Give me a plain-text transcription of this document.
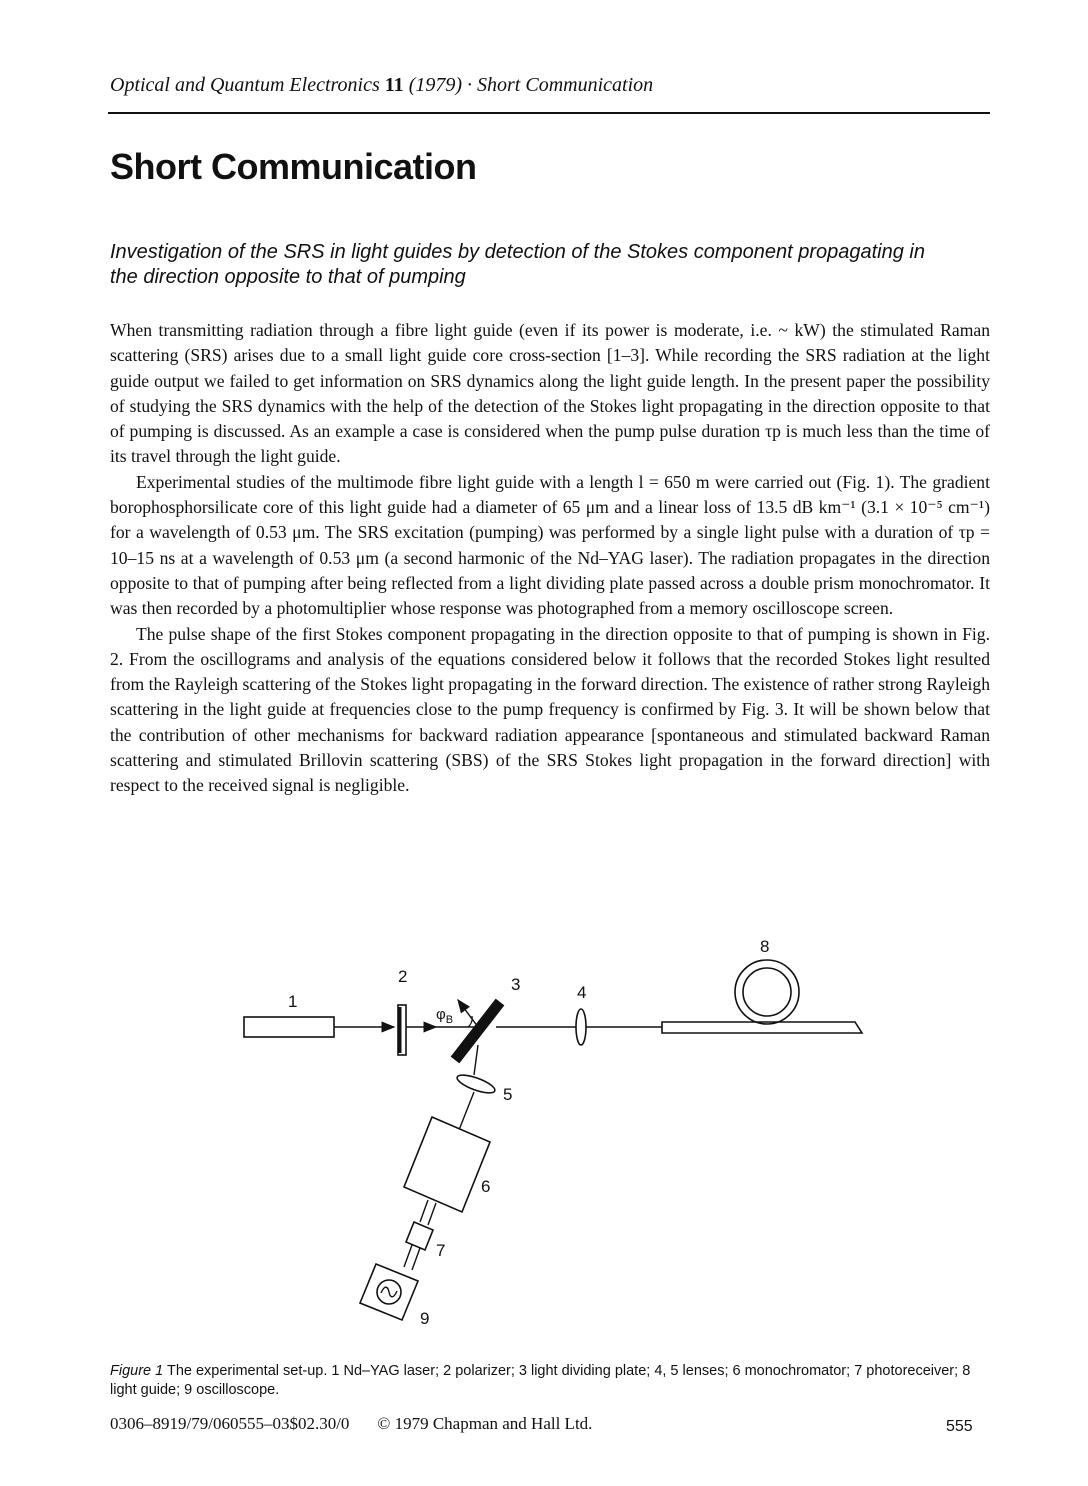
Optical and Quantum Electronics 11 (1979) · Short Communication
Short Communication
Investigation of the SRS in light guides by detection of the Stokes component propagating in the direction opposite to that of pumping

When transmitting radiation through a fibre light guide (even if its power is moderate, i.e. ~ kW) the stimulated Raman scattering (SRS) arises due to a small light guide core cross-section [1–3]. While recording the SRS radiation at the light guide output we failed to get information on SRS dynamics along the light guide length. In the present paper the possibility of studying the SRS dynamics with the help of the detection of the Stokes light propagating in the direction opposite to that of pumping is discussed. As an example a case is considered when the pump pulse duration τp is much less than the time of its travel through the light guide.

Experimental studies of the multimode fibre light guide with a length l = 650 m were carried out (Fig. 1). The gradient borophosphorsilicate core of this light guide had a diameter of 65 μm and a linear loss of 13.5 dB km⁻¹ (3.1 × 10⁻⁵ cm⁻¹) for a wavelength of 0.53 μm. The SRS excitation (pumping) was performed by a single light pulse with a duration of τp = 10–15 ns at a wavelength of 0.53 μm (a second harmonic of the Nd–YAG laser). The radiation propagates in the direction opposite to that of pumping after being reflected from a light dividing plate passed across a double prism monochromator. It was then recorded by a photomultiplier whose response was photographed from a memory oscilloscope screen.

The pulse shape of the first Stokes component propagating in the direction opposite to that of pumping is shown in Fig. 2. From the oscillograms and analysis of the equations considered below it follows that the recorded Stokes light resulted from the Rayleigh scattering of the Stokes light propagating in the forward direction. The existence of rather strong Rayleigh scattering in the light guide at frequencies close to the pump frequency is confirmed by Fig. 3. It will be shown below that the contribution of other mechanisms for backward radiation appearance [spontaneous and stimulated backward Raman scattering and stimulated Brillovin scattering (SBS) of the SRS Stokes light propagation in the forward direction] with respect to the received signal is negligible.

1
2	3	4
5
6
7
8
9
$\varphi_B$
Figure 1 The experimental set-up. 1 Nd–YAG laser; 2 polarizer; 3 light dividing plate; 4, 5 lenses; 6 monochromator; 7 photoreceiver; 8 light guide; 9 oscilloscope.
0306–8919/79/060555–03$02.30/0 © 1979 Chapman and Hall Ltd.	555
